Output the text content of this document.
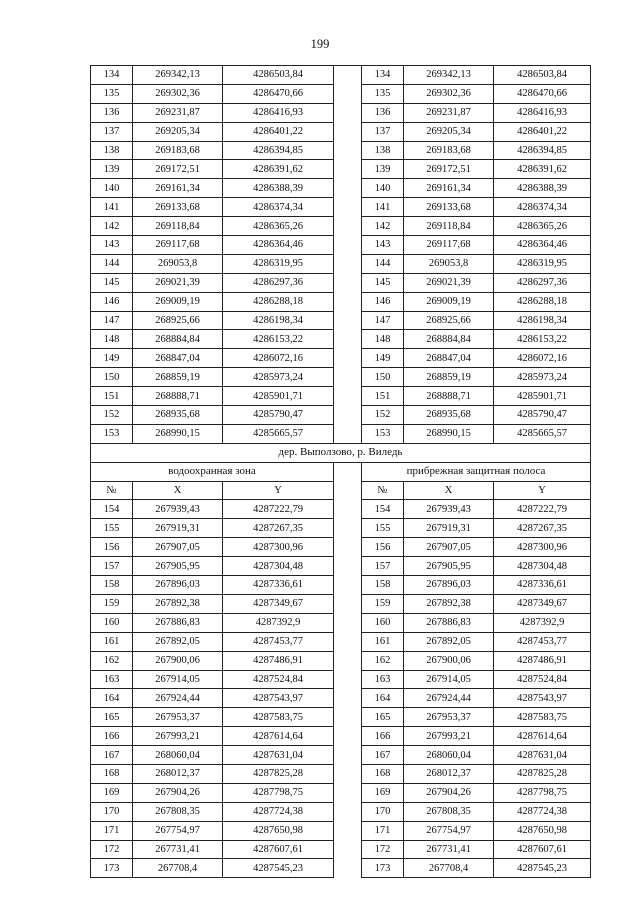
199
134	269342,13	4286503,84		134	269342,13	4286503,84
135	269302,36	4286470,66		135	269302,36	4286470,66
136	269231,87	4286416,93		136	269231,87	4286416,93
137	269205,34	4286401,22		137	269205,34	4286401,22
138	269183,68	4286394,85		138	269183,68	4286394,85
139	269172,51	4286391,62		139	269172,51	4286391,62
140	269161,34	4286388,39		140	269161,34	4286388,39
141	269133,68	4286374,34		141	269133,68	4286374,34
142	269118,84	4286365,26		142	269118,84	4286365,26
143	269117,68	4286364,46		143	269117,68	4286364,46
144	269053,8	4286319,95		144	269053,8	4286319,95
145	269021,39	4286297,36		145	269021,39	4286297,36
146	269009,19	4286288,18		146	269009,19	4286288,18
147	268925,66	4286198,34		147	268925,66	4286198,34
148	268884,84	4286153,22		148	268884,84	4286153,22
149	268847,04	4286072,16		149	268847,04	4286072,16
150	268859,19	4285973,24		150	268859,19	4285973,24
151	268888,71	4285901,71		151	268888,71	4285901,71
152	268935,68	4285790,47		152	268935,68	4285790,47
153	268990,15	4285665,57		153	268990,15	4285665,57
дер. Выползово, р. Виледь						
водоохранная зона				прибрежная защитная полоса		
№	X	Y		№	X	Y
154	267939,43	4287222,79		154	267939,43	4287222,79
155	267919,31	4287267,35		155	267919,31	4287267,35
156	267907,05	4287300,96		156	267907,05	4287300,96
157	267905,95	4287304,48		157	267905,95	4287304,48
158	267896,03	4287336,61		158	267896,03	4287336,61
159	267892,38	4287349,67		159	267892,38	4287349,67
160	267886,83	4287392,9		160	267886,83	4287392,9
161	267892,05	4287453,77		161	267892,05	4287453,77
162	267900,06	4287486,91		162	267900,06	4287486,91
163	267914,05	4287524,84		163	267914,05	4287524,84
164	267924,44	4287543,97		164	267924,44	4287543,97
165	267953,37	4287583,75		165	267953,37	4287583,75
166	267993,21	4287614,64		166	267993,21	4287614,64
167	268060,04	4287631,04		167	268060,04	4287631,04
168	268012,37	4287825,28		168	268012,37	4287825,28
169	267904,26	4287798,75		169	267904,26	4287798,75
170	267808,35	4287724,38		170	267808,35	4287724,38
171	267754,97	4287650,98		171	267754,97	4287650,98
172	267731,41	4287607,61		172	267731,41	4287607,61
173	267708,4	4287545,23		173	267708,4	4287545,23
